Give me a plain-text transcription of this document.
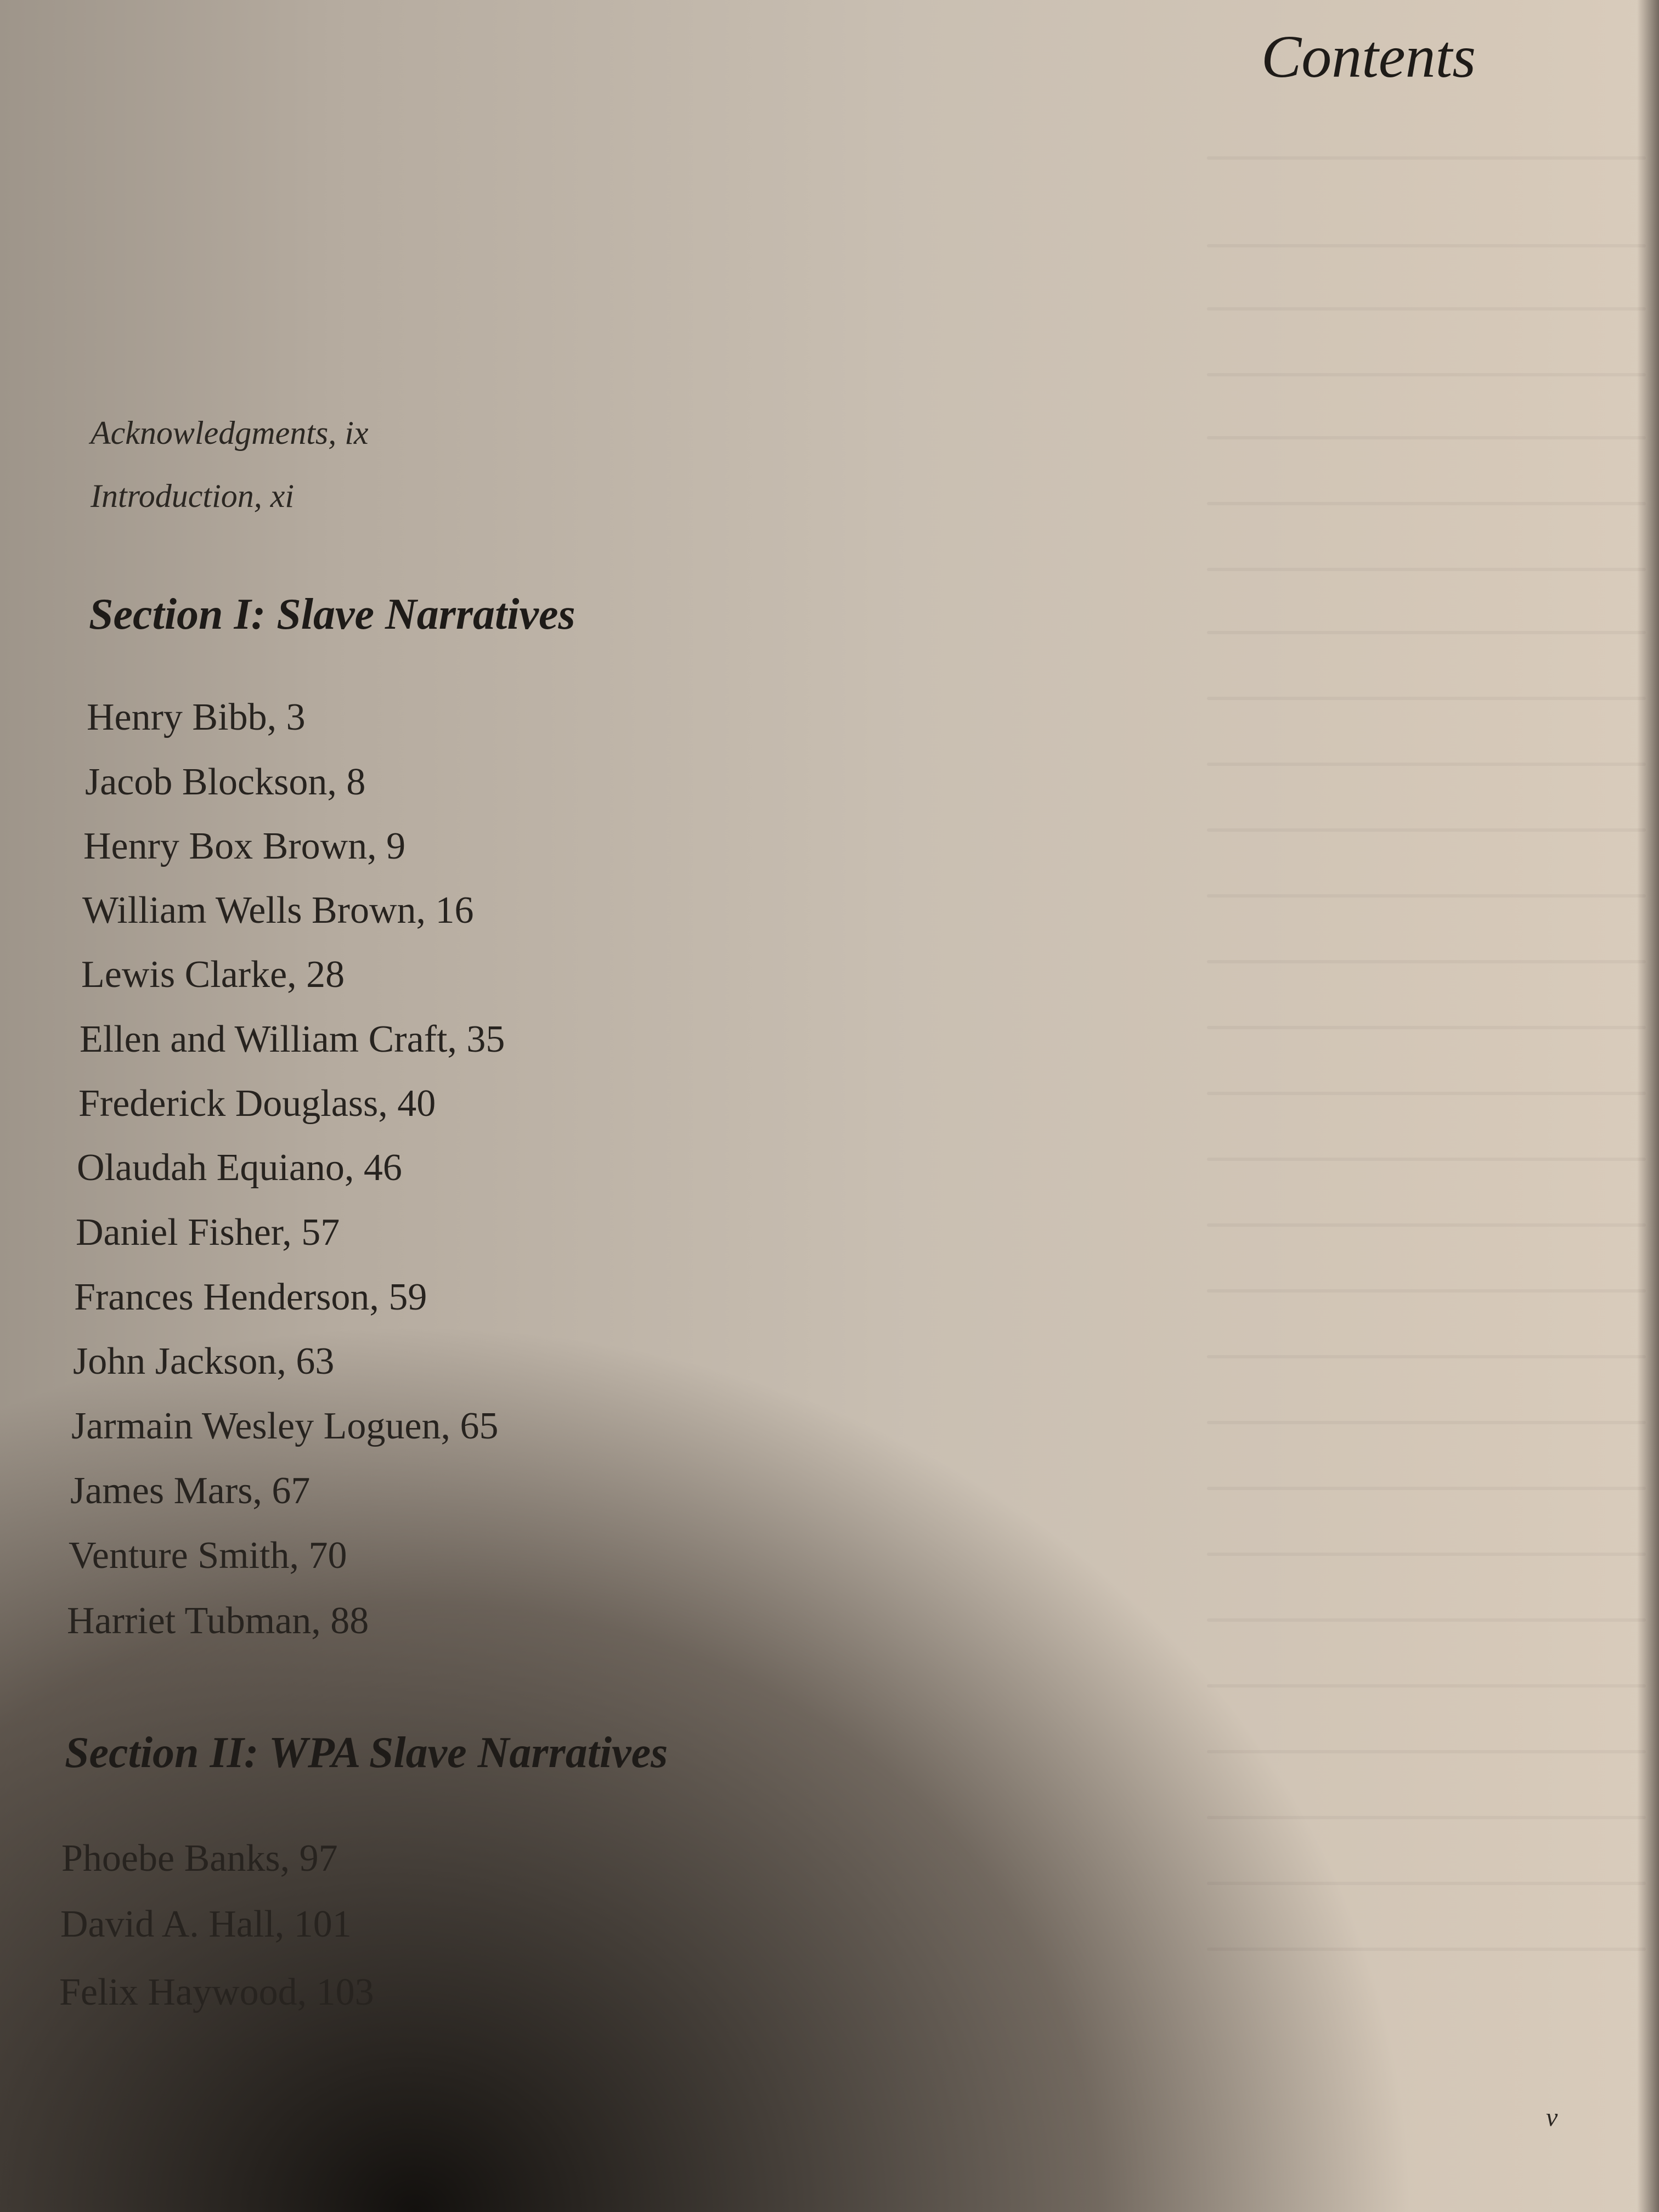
Contents
Acknowledgments, ix
Introduction, xi
Section I: Slave Narratives
Henry Bibb, 3
Jacob Blockson, 8
Henry Box Brown, 9
William Wells Brown, 16
Lewis Clarke, 28
Ellen and William Craft, 35
Frederick Douglass, 40
Olaudah Equiano, 46
Daniel Fisher, 57
Frances Henderson, 59
John Jackson, 63
Jarmain Wesley Loguen, 65
James Mars, 67
Venture Smith, 70
Harriet Tubman, 88
Section II: WPA Slave Narratives
Phoebe Banks, 97
David A. Hall, 101
Felix Haywood, 103
v
